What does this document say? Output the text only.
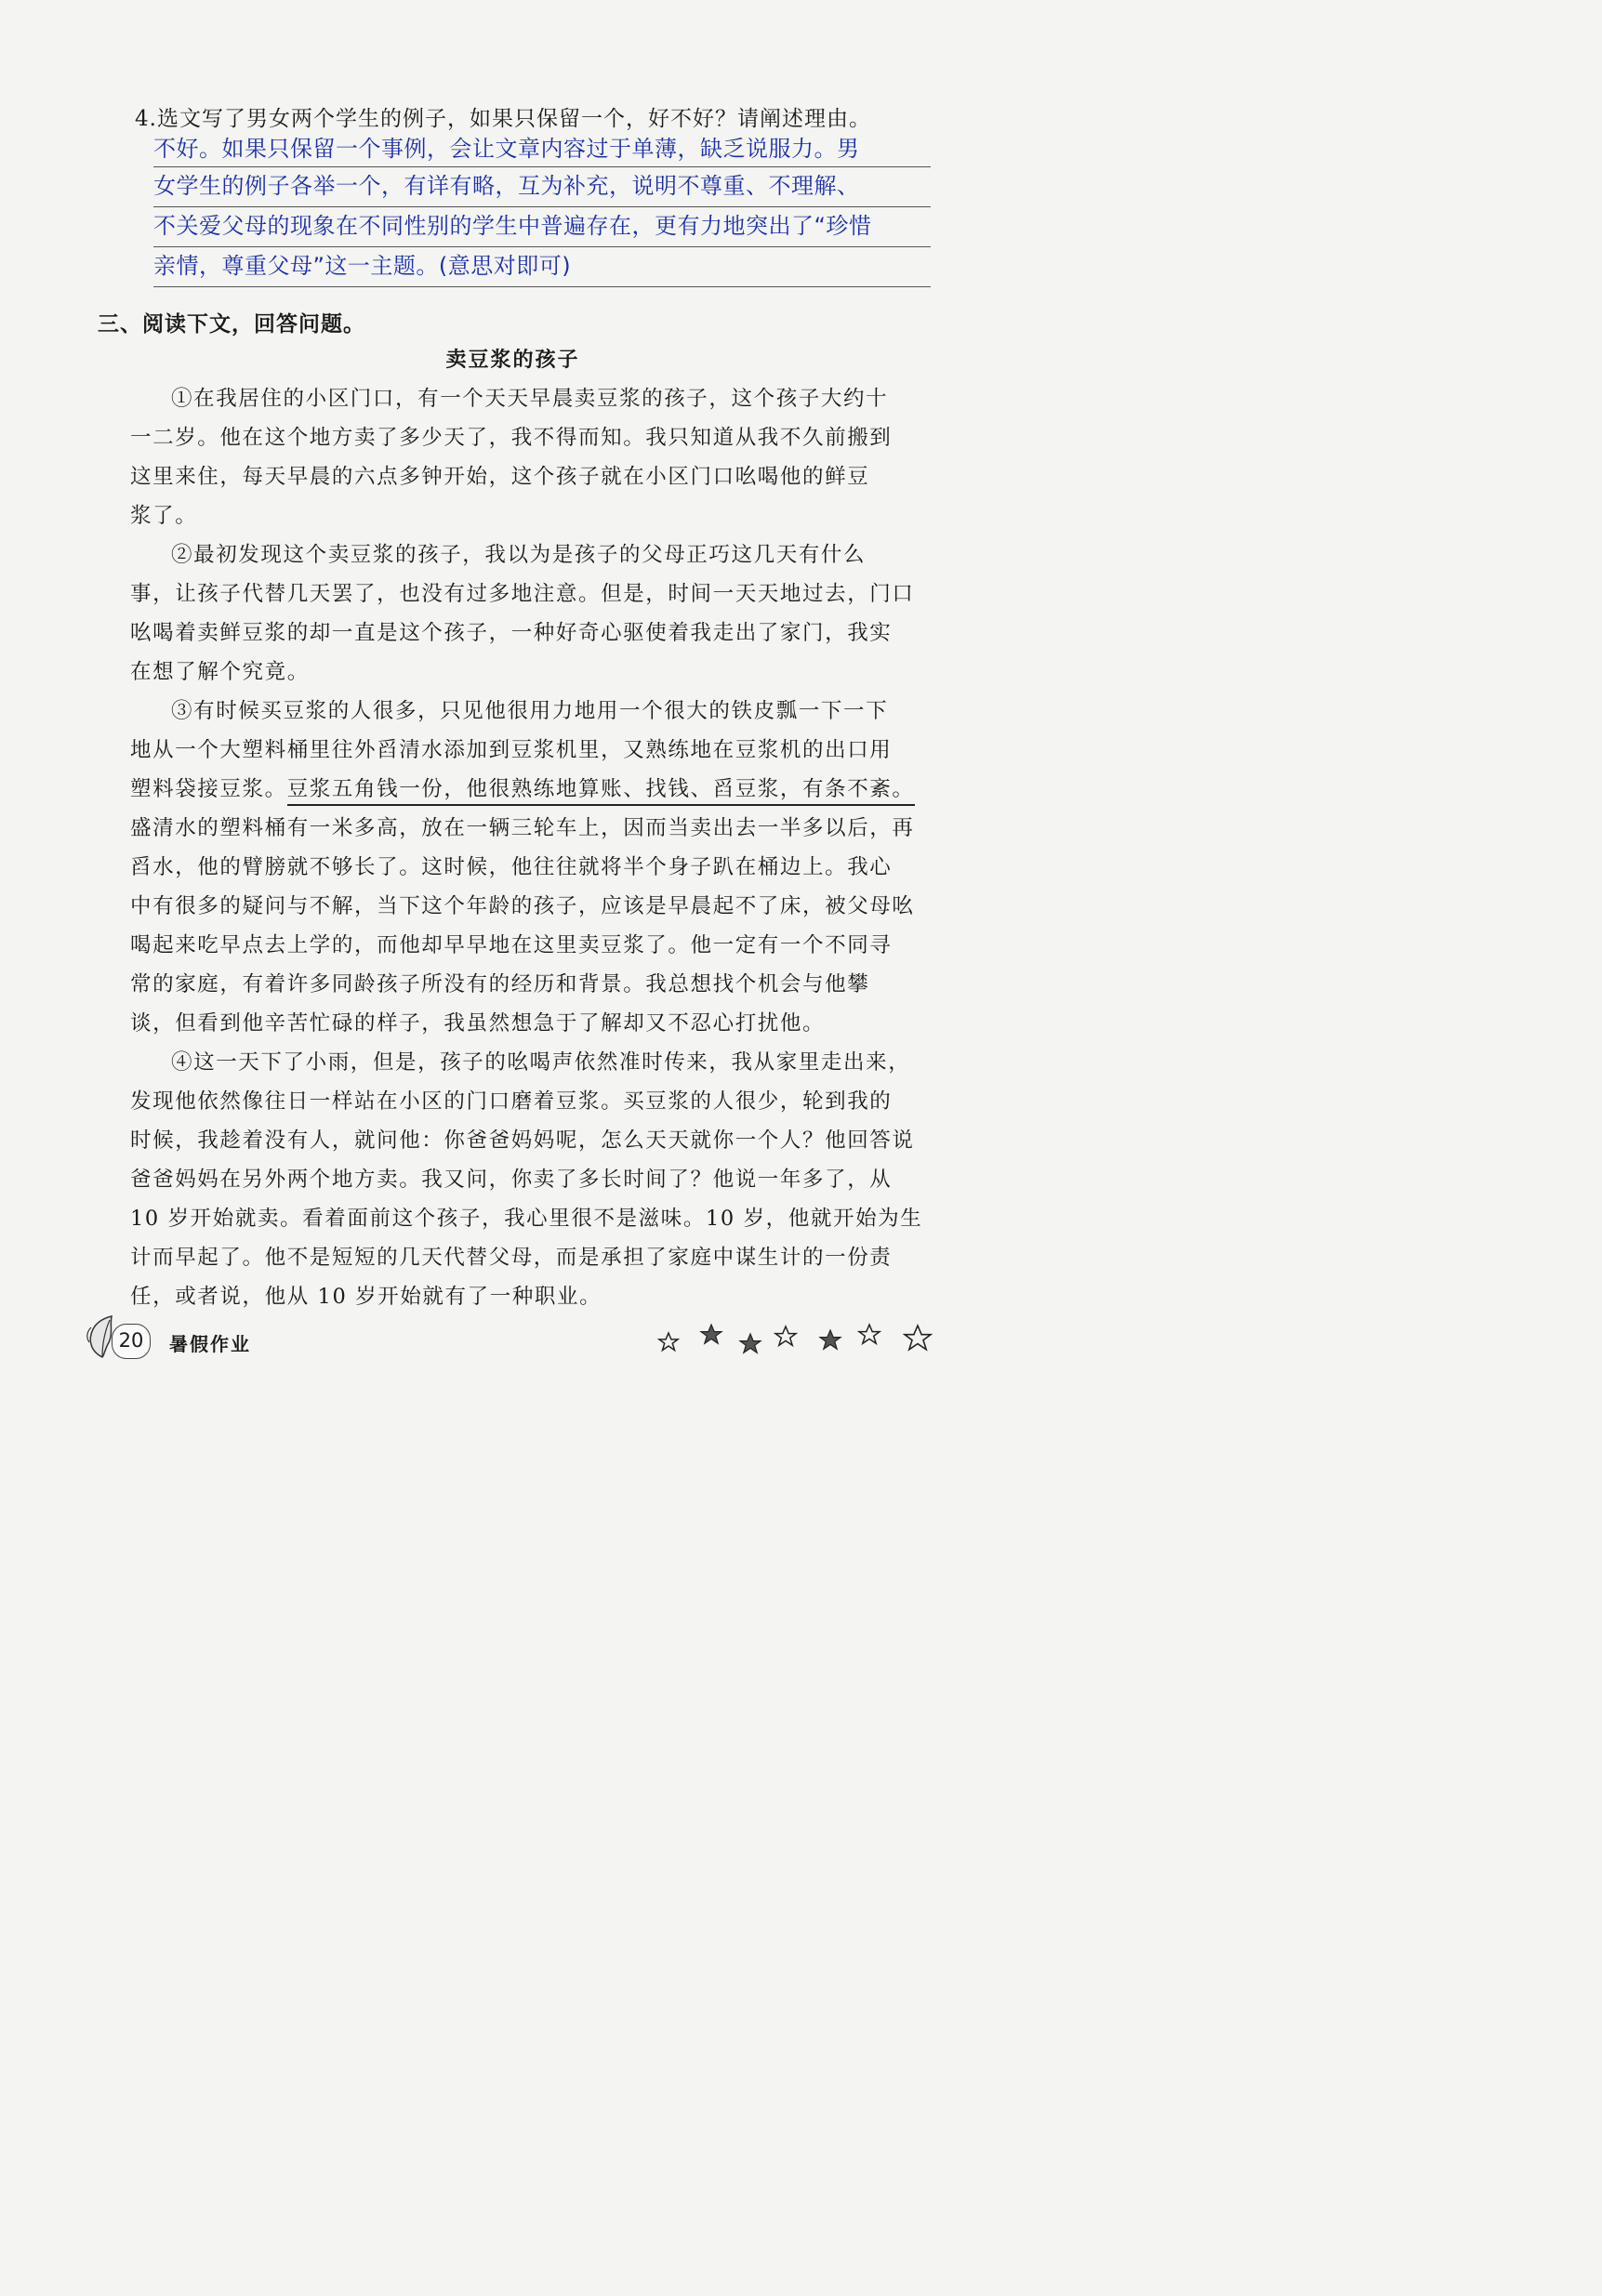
4.选文写了男女两个学生的例子，如果只保留一个，好不好？请阐述理由。
不好。如果只保留一个事例，会让文章内容过于单薄，缺乏说服力。男
女学生的例子各举一个，有详有略，互为补充，说明不尊重、不理解、
不关爱父母的现象在不同性别的学生中普遍存在，更有力地突出了“珍惜
亲情，尊重父母”这一主题。(意思对即可)
三、阅读下文，回答问题。
卖豆浆的孩子
①在我居住的小区门口，有一个天天早晨卖豆浆的孩子，这个孩子大约十
一二岁。他在这个地方卖了多少天了，我不得而知。我只知道从我不久前搬到
这里来住，每天早晨的六点多钟开始，这个孩子就在小区门口吆喝他的鲜豆
浆了。
②最初发现这个卖豆浆的孩子，我以为是孩子的父母正巧这几天有什么
事，让孩子代替几天罢了，也没有过多地注意。但是，时间一天天地过去，门口
吆喝着卖鲜豆浆的却一直是这个孩子，一种好奇心驱使着我走出了家门，我实
在想了解个究竟。
③有时候买豆浆的人很多，只见他很用力地用一个很大的铁皮瓢一下一下
地从一个大塑料桶里往外舀清水添加到豆浆机里，又熟练地在豆浆机的出口用
塑料袋接豆浆。豆浆五角钱一份，他很熟练地算账、找钱、舀豆浆，有条不紊。
盛清水的塑料桶有一米多高，放在一辆三轮车上，因而当卖出去一半多以后，再
舀水，他的臂膀就不够长了。这时候，他往往就将半个身子趴在桶边上。我心
中有很多的疑问与不解，当下这个年龄的孩子，应该是早晨起不了床，被父母吆
喝起来吃早点去上学的，而他却早早地在这里卖豆浆了。他一定有一个不同寻
常的家庭，有着许多同龄孩子所没有的经历和背景。我总想找个机会与他攀
谈，但看到他辛苦忙碌的样子，我虽然想急于了解却又不忍心打扰他。
④这一天下了小雨，但是，孩子的吆喝声依然准时传来，我从家里走出来，
发现他依然像往日一样站在小区的门口磨着豆浆。买豆浆的人很少，轮到我的
时候，我趁着没有人，就问他：你爸爸妈妈呢，怎么天天就你一个人？他回答说
爸爸妈妈在另外两个地方卖。我又问，你卖了多长时间了？他说一年多了，从
10 岁开始就卖。看着面前这个孩子，我心里很不是滋味。10 岁，他就开始为生
计而早起了。他不是短短的几天代替父母，而是承担了家庭中谋生计的一份责
任，或者说，他从 10 岁开始就有了一种职业。
20	暑假作业
